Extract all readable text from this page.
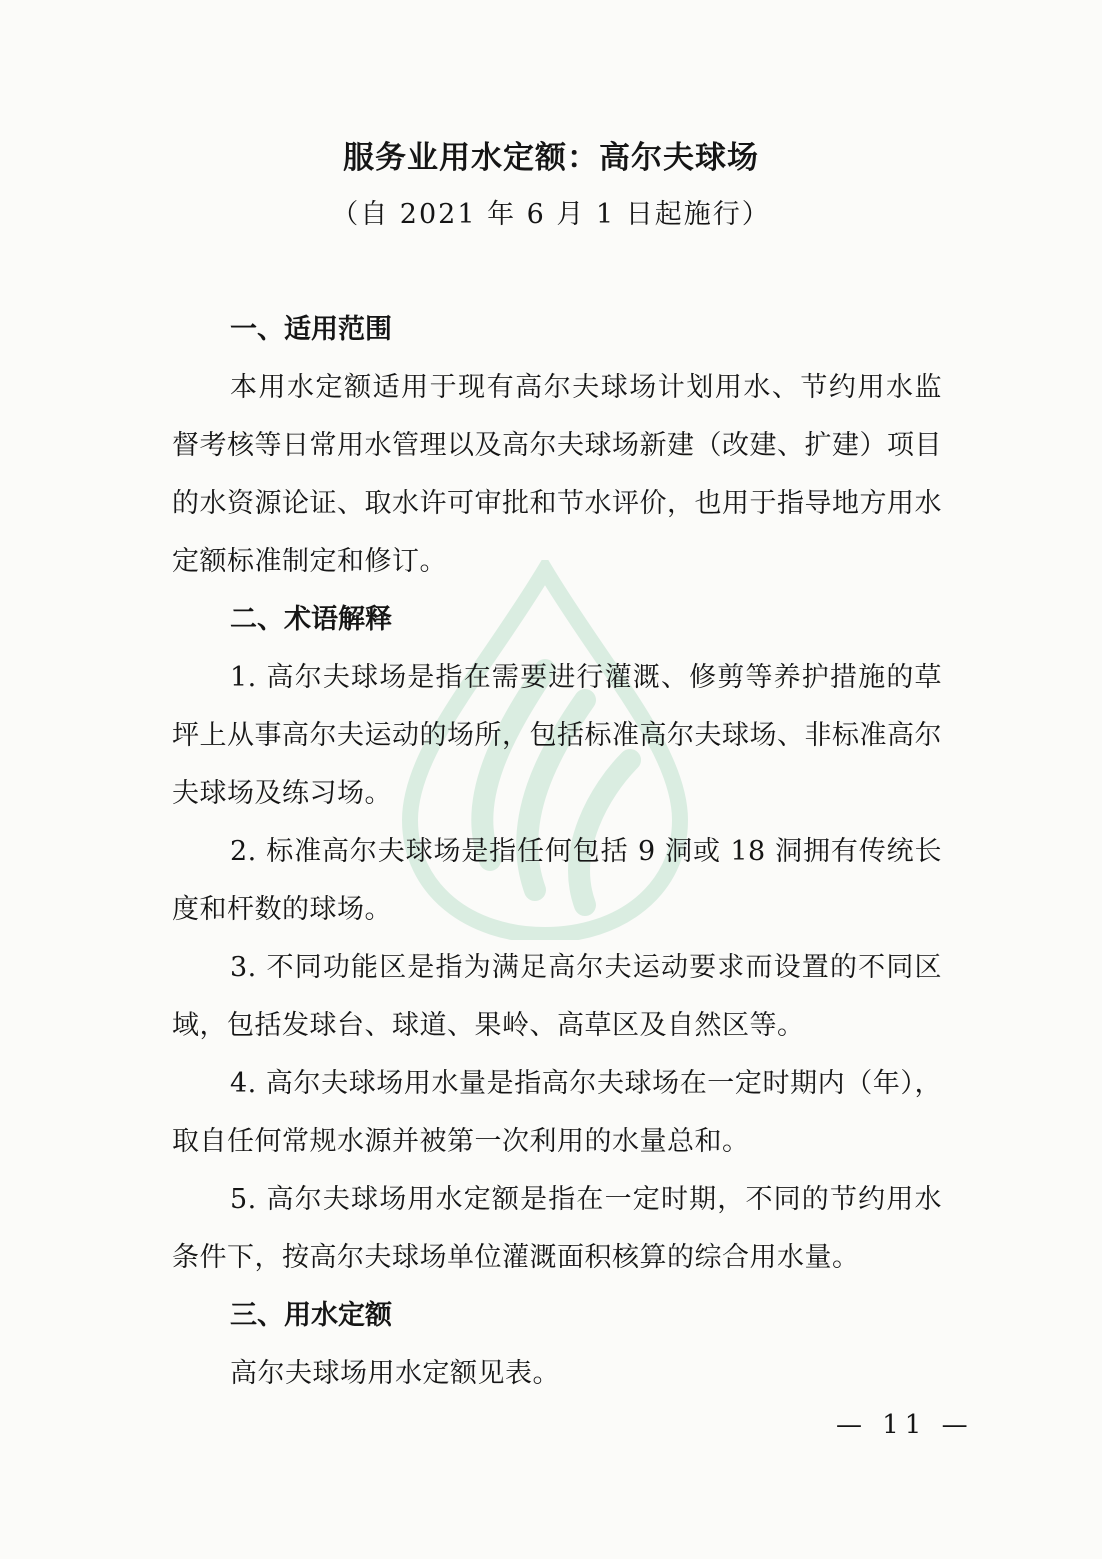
服务业用水定额：高尔夫球场
（自 2021 年 6 月 1 日起施行）

一、适用范围

本用水定额适用于现有高尔夫球场计划用水、节约用水监督考核等日常用水管理以及高尔夫球场新建（改建、扩建）项目的水资源论证、取水许可审批和节水评价，也用于指导地方用水定额标准制定和修订。

二、术语解释

1. 高尔夫球场是指在需要进行灌溉、修剪等养护措施的草坪上从事高尔夫运动的场所，包括标准高尔夫球场、非标准高尔夫球场及练习场。

2. 标准高尔夫球场是指任何包括 9 洞或 18 洞拥有传统长度和杆数的球场。

3. 不同功能区是指为满足高尔夫运动要求而设置的不同区域，包括发球台、球道、果岭、高草区及自然区等。

4. 高尔夫球场用水量是指高尔夫球场在一定时期内（年），取自任何常规水源并被第一次利用的水量总和。

5. 高尔夫球场用水定额是指在一定时期，不同的节约用水条件下，按高尔夫球场单位灌溉面积核算的综合用水量。

三、用水定额

高尔夫球场用水定额见表。

— 11 —
